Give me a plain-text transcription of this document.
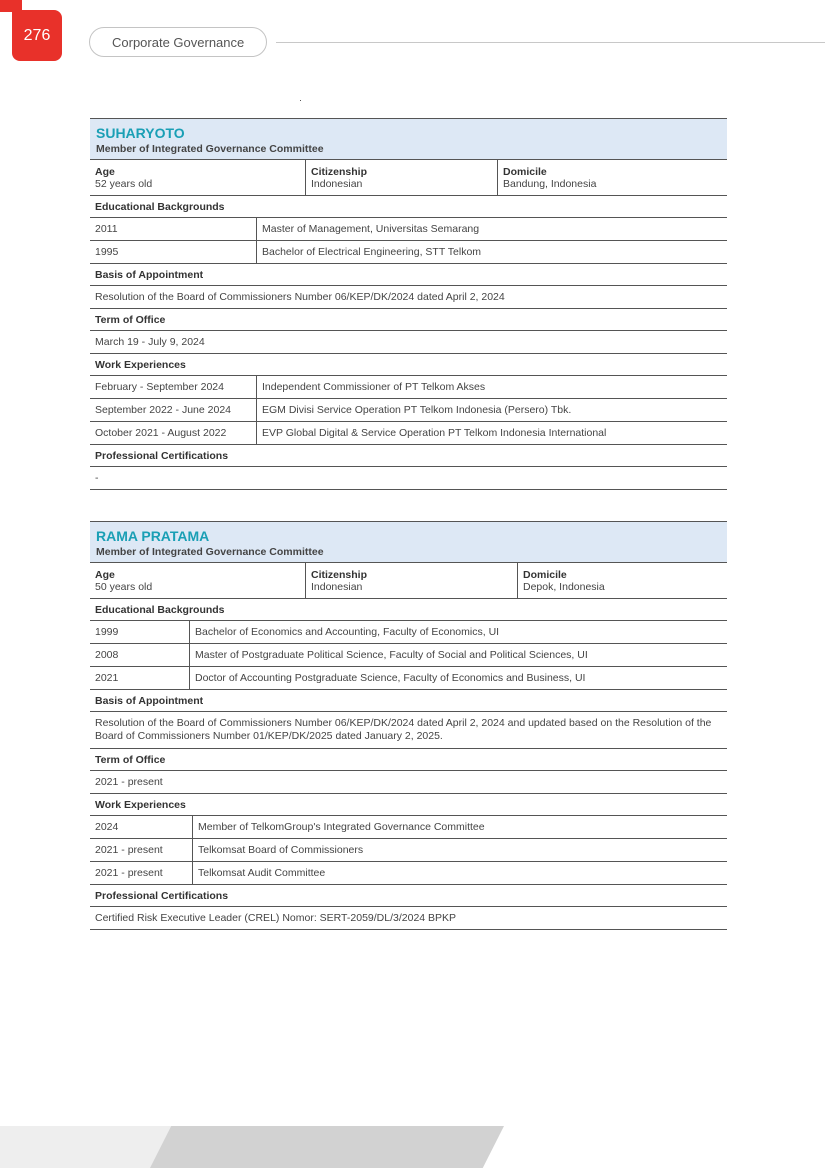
276	Corporate Governance
SUHARYOTO
Member of Integrated Governance Committee
Age
52 years old
Citizenship
Indonesian
Domicile
Bandung, Indonesia
Educational Backgrounds
2011	Master of Management, Universitas Semarang
1995	Bachelor of Electrical Engineering, STT Telkom
Basis of Appointment
Resolution of the Board of Commissioners Number 06/KEP/DK/2024 dated April 2, 2024
Term of Office
March 19 - July 9, 2024
Work Experiences
February - September 2024	Independent Commissioner of PT Telkom Akses
September 2022 - June 2024	EGM Divisi Service Operation PT Telkom Indonesia (Persero) Tbk.
October 2021 - August 2022	EVP Global Digital & Service Operation PT Telkom Indonesia International
Professional Certifications
-
RAMA PRATAMA
Member of Integrated Governance Committee
Age
50 years old
Citizenship
Indonesian
Domicile
Depok, Indonesia
Educational Backgrounds
1999	Bachelor of Economics and Accounting, Faculty of Economics, UI
2008	Master of Postgraduate Political Science, Faculty of Social and Political Sciences, UI
2021	Doctor of Accounting Postgraduate Science, Faculty of Economics and Business, UI
Basis of Appointment
Resolution of the Board of Commissioners Number 06/KEP/DK/2024 dated April 2, 2024 and updated based on the Resolution of the Board of Commissioners Number 01/KEP/DK/2025 dated January 2, 2025.
Term of Office
2021 - present
Work Experiences
2024	Member of TelkomGroup's Integrated Governance Committee
2021 - present	Telkomsat Board of Commissioners
2021 - present	Telkomsat Audit Committee
Professional Certifications
Certified Risk Executive Leader (CREL) Nomor: SERT-2059/DL/3/2024 BPKP
